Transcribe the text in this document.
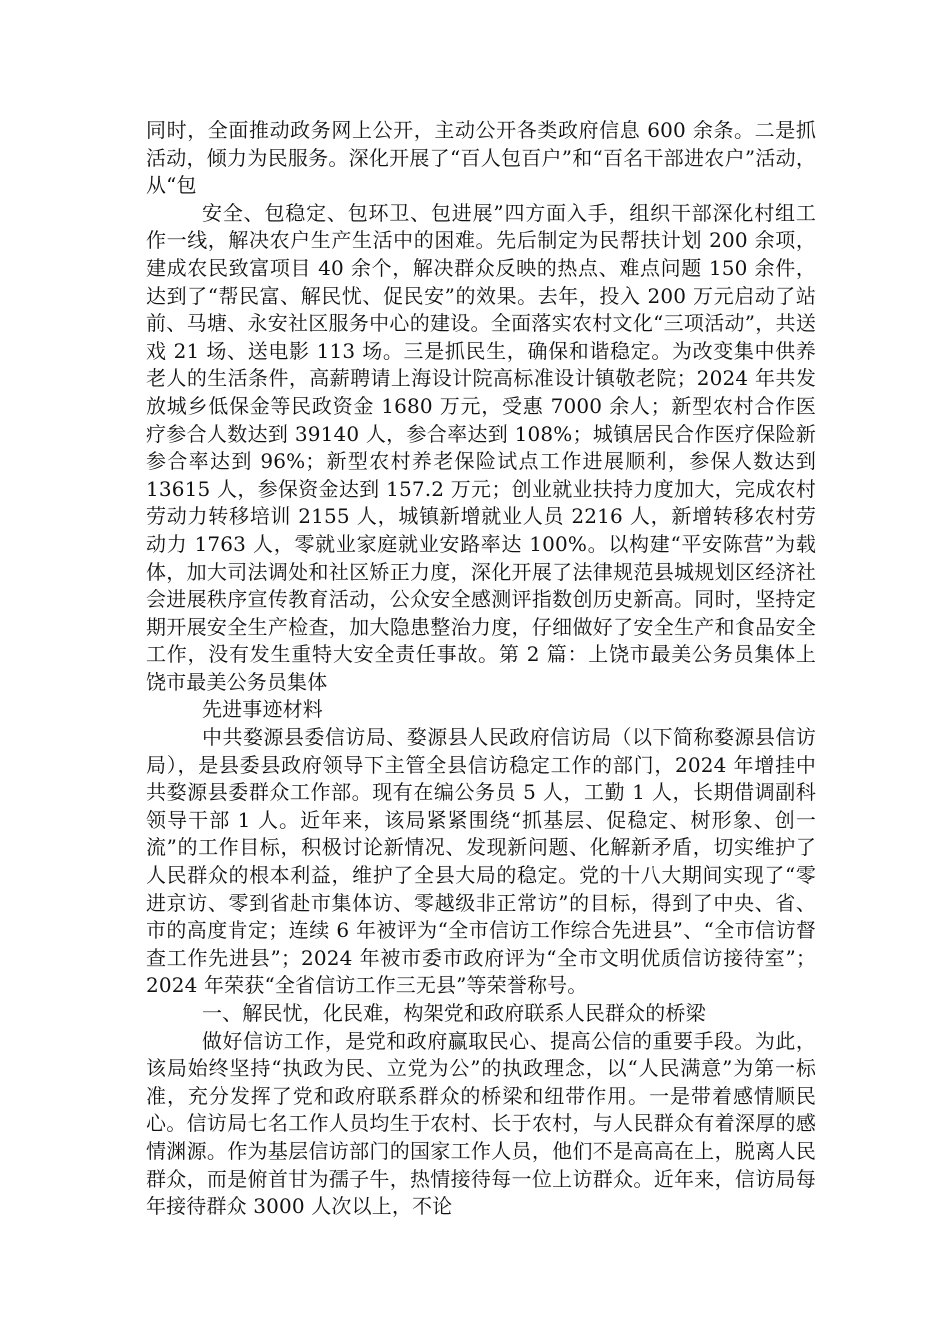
同时，全面推动政务网上公开，主动公开各类政府信息 600 余条。二是抓活动，倾力为民服务。深化开展了“百人包百户”和“百名干部进农户”活动，从“包

安全、包稳定、包环卫、包进展”四方面入手，组织干部深化村组工作一线，解决农户生产生活中的困难。先后制定为民帮扶计划 200 余项，建成农民致富项目 40 余个，解决群众反映的热点、难点问题 150 余件，达到了“帮民富、解民忧、促民安”的效果。去年，投入 200 万元启动了站前、马塘、永安社区服务中心的建设。全面落实农村文化“三项活动”，共送戏 21 场、送电影 113 场。三是抓民生，确保和谐稳定。为改变集中供养老人的生活条件，高薪聘请上海设计院高标准设计镇敬老院；2024 年共发放城乡低保金等民政资金 1680 万元，受惠 7000 余人；新型农村合作医疗参合人数达到 39140 人，参合率达到 108%；城镇居民合作医疗保险新参合率达到 96%；新型农村养老保险试点工作进展顺利，参保人数达到 13615 人，参保资金达到 157.2 万元；创业就业扶持力度加大，完成农村劳动力转移培训 2155 人，城镇新增就业人员 2216 人，新增转移农村劳动力 1763 人，零就业家庭就业安路率达 100%。以构建“平安陈营”为载体，加大司法调处和社区矫正力度，深化开展了法律规范县城规划区经济社会进展秩序宣传教育活动，公众安全感测评指数创历史新高。同时，坚持定期开展安全生产检查，加大隐患整治力度，仔细做好了安全生产和食品安全工作，没有发生重特大安全责任事故。第 2 篇：上饶市最美公务员集体上饶市最美公务员集体

先进事迹材料

中共婺源县委信访局、婺源县人民政府信访局（以下简称婺源县信访局），是县委县政府领导下主管全县信访稳定工作的部门，2024 年增挂中共婺源县委群众工作部。现有在编公务员 5 人，工勤 1 人，长期借调副科领导干部 1 人。近年来，该局紧紧围绕“抓基层、促稳定、树形象、创一流”的工作目标，积极讨论新情况、发现新问题、化解新矛盾，切实维护了人民群众的根本利益，维护了全县大局的稳定。党的十八大期间实现了“零进京访、零到省赴市集体访、零越级非正常访”的目标，得到了中央、省、市的高度肯定；连续 6 年被评为“全市信访工作综合先进县”、“全市信访督查工作先进县”；2024 年被市委市政府评为“全市文明优质信访接待室”；2024 年荣获“全省信访工作三无县”等荣誉称号。

一、解民忧，化民难，构架党和政府联系人民群众的桥梁

做好信访工作，是党和政府赢取民心、提高公信的重要手段。为此，该局始终坚持“执政为民、立党为公”的执政理念，以“人民满意”为第一标准，充分发挥了党和政府联系群众的桥梁和纽带作用。一是带着感情顺民心。信访局七名工作人员均生于农村、长于农村，与人民群众有着深厚的感情渊源。作为基层信访部门的国家工作人员，他们不是高高在上，脱离人民群众，而是俯首甘为孺子牛，热情接待每一位上访群众。近年来，信访局每年接待群众 3000 人次以上，不论
